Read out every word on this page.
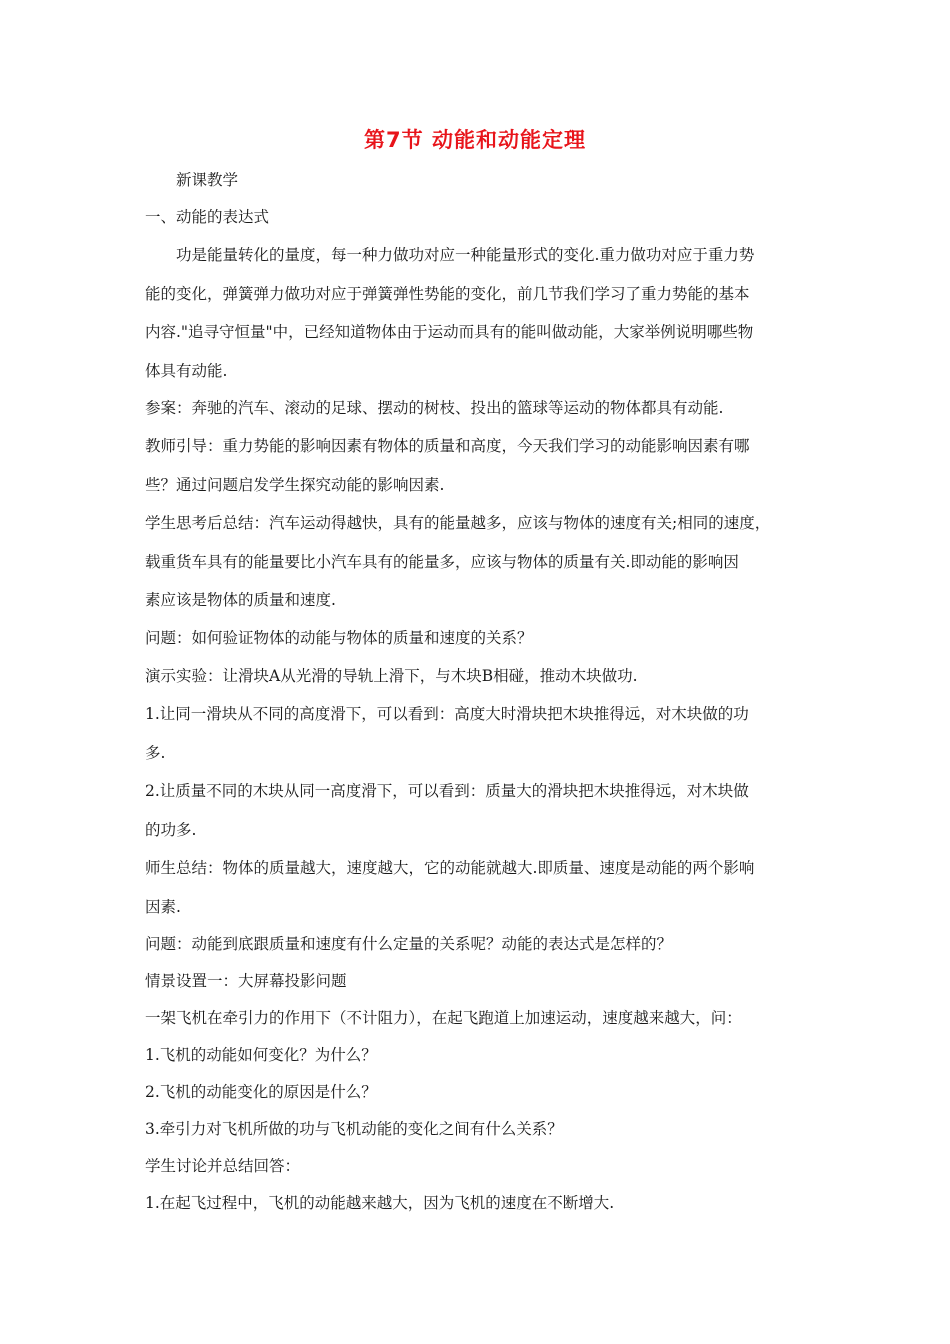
第7节 动能和动能定理

新课教学

一、动能的表达式

功是能量转化的量度，每一种力做功对应一种能量形式的变化.重力做功对应于重力势

能的变化，弹簧弹力做功对应于弹簧弹性势能的变化，前几节我们学习了重力势能的基本

内容."追寻守恒量"中，已经知道物体由于运动而具有的能叫做动能，大家举例说明哪些物

体具有动能.

参案：奔驰的汽车、滚动的足球、摆动的树枝、投出的篮球等运动的物体都具有动能.

教师引导：重力势能的影响因素有物体的质量和高度，今天我们学习的动能影响因素有哪

些？通过问题启发学生探究动能的影响因素.

学生思考后总结：汽车运动得越快，具有的能量越多，应该与物体的速度有关;相同的速度，

载重货车具有的能量要比小汽车具有的能量多，应该与物体的质量有关.即动能的影响因

素应该是物体的质量和速度.

问题：如何验证物体的动能与物体的质量和速度的关系？

演示实验：让滑块A从光滑的导轨上滑下，与木块B相碰，推动木块做功.

1.让同一滑块从不同的高度滑下，可以看到：高度大时滑块把木块推得远，对木块做的功

多.

2.让质量不同的木块从同一高度滑下，可以看到：质量大的滑块把木块推得远，对木块做

的功多.

师生总结：物体的质量越大，速度越大，它的动能就越大.即质量、速度是动能的两个影响

因素.

问题：动能到底跟质量和速度有什么定量的关系呢？动能的表达式是怎样的？

情景设置一：大屏幕投影问题

一架飞机在牵引力的作用下（不计阻力），在起飞跑道上加速运动，速度越来越大，问：

1.飞机的动能如何变化？为什么？

2.飞机的动能变化的原因是什么？

3.牵引力对飞机所做的功与飞机动能的变化之间有什么关系？

学生讨论并总结回答：

1.在起飞过程中，飞机的动能越来越大，因为飞机的速度在不断增大.
